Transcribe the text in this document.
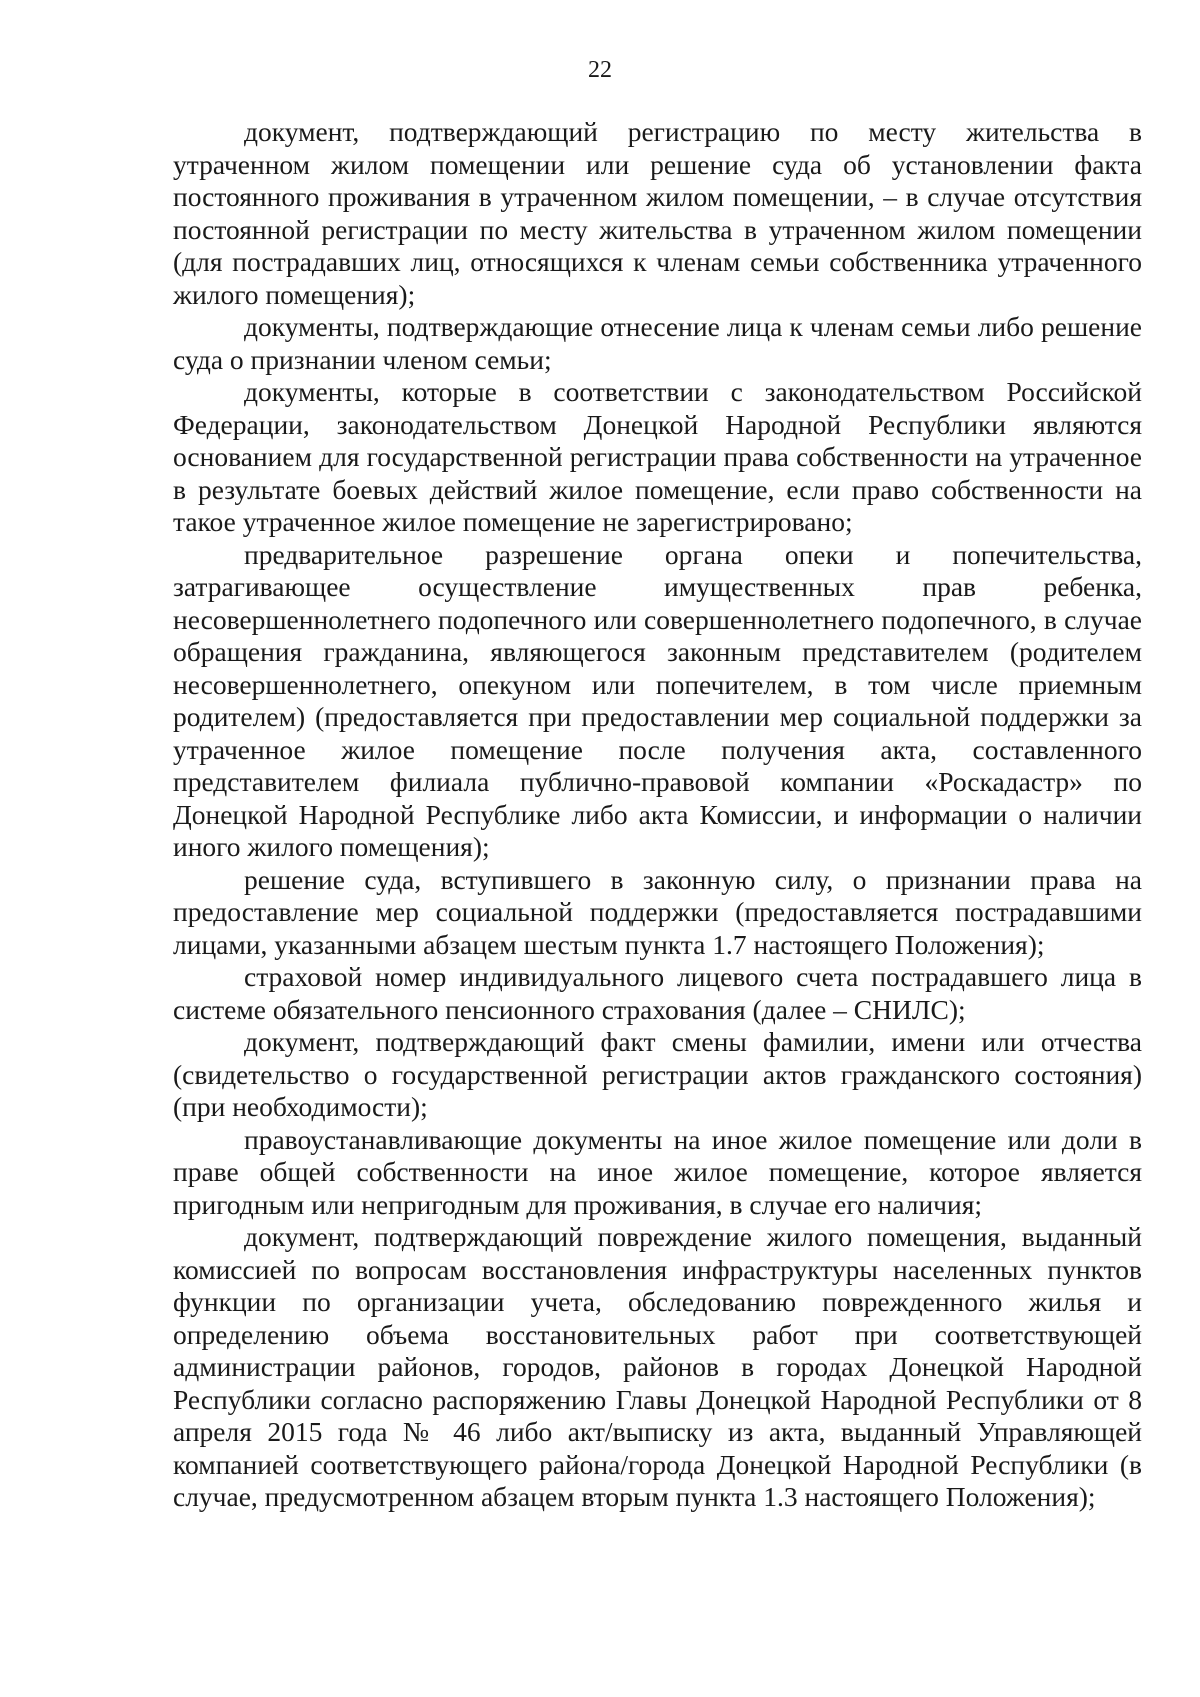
22

документ, подтверждающий регистрацию по месту жительства в утраченном жилом помещении или решение суда об установлении факта постоянного проживания в утраченном жилом помещении, – в случае отсутствия постоянной регистрации по месту жительства в утраченном жилом помещении (для пострадавших лиц, относящихся к членам семьи собственника утраченного жилого помещения);

документы, подтверждающие отнесение лица к членам семьи либо решение суда о признании членом семьи;

документы, которые в соответствии с законодательством Российской Федерации, законодательством Донецкой Народной Республики являются основанием для государственной регистрации права собственности на утраченное в результате боевых действий жилое помещение, если право собственности на такое утраченное жилое помещение не зарегистрировано;

предварительное разрешение органа опеки и попечительства, затрагивающее осуществление имущественных прав ребенка, несовершеннолетнего подопечного или совершеннолетнего подопечного, в случае обращения гражданина, являющегося законным представителем (родителем несовершеннолетнего, опекуном или попечителем, в том числе приемным родителем) (предоставляется при предоставлении мер социальной поддержки за утраченное жилое помещение после получения акта, составленного представителем филиала публично-правовой компании «Роскадастр» по Донецкой Народной Республике либо акта Комиссии, и информации о наличии иного жилого помещения);

решение суда, вступившего в законную силу, о признании права на предоставление мер социальной поддержки (предоставляется пострадавшими лицами, указанными абзацем шестым пункта 1.7 настоящего Положения);

страховой номер индивидуального лицевого счета пострадавшего лица в системе обязательного пенсионного страхования (далее – СНИЛС);

документ, подтверждающий факт смены фамилии, имени или отчества (свидетельство о государственной регистрации актов гражданского состояния) (при необходимости);

правоустанавливающие документы на иное жилое помещение или доли в праве общей собственности на иное жилое помещение, которое является пригодным или непригодным для проживания, в случае его наличия;

документ, подтверждающий повреждение жилого помещения, выданный комиссией по вопросам восстановления инфраструктуры населенных пунктов функции по организации учета, обследованию поврежденного жилья и определению объема восстановительных работ при соответствующей администрации районов, городов, районов в городах Донецкой Народной Республики согласно распоряжению Главы Донецкой Народной Республики от 8 апреля 2015 года № 46 либо акт/выписку из акта, выданный Управляющей компанией соответствующего района/города Донецкой Народной Республики (в случае, предусмотренном абзацем вторым пункта 1.3 настоящего Положения);
